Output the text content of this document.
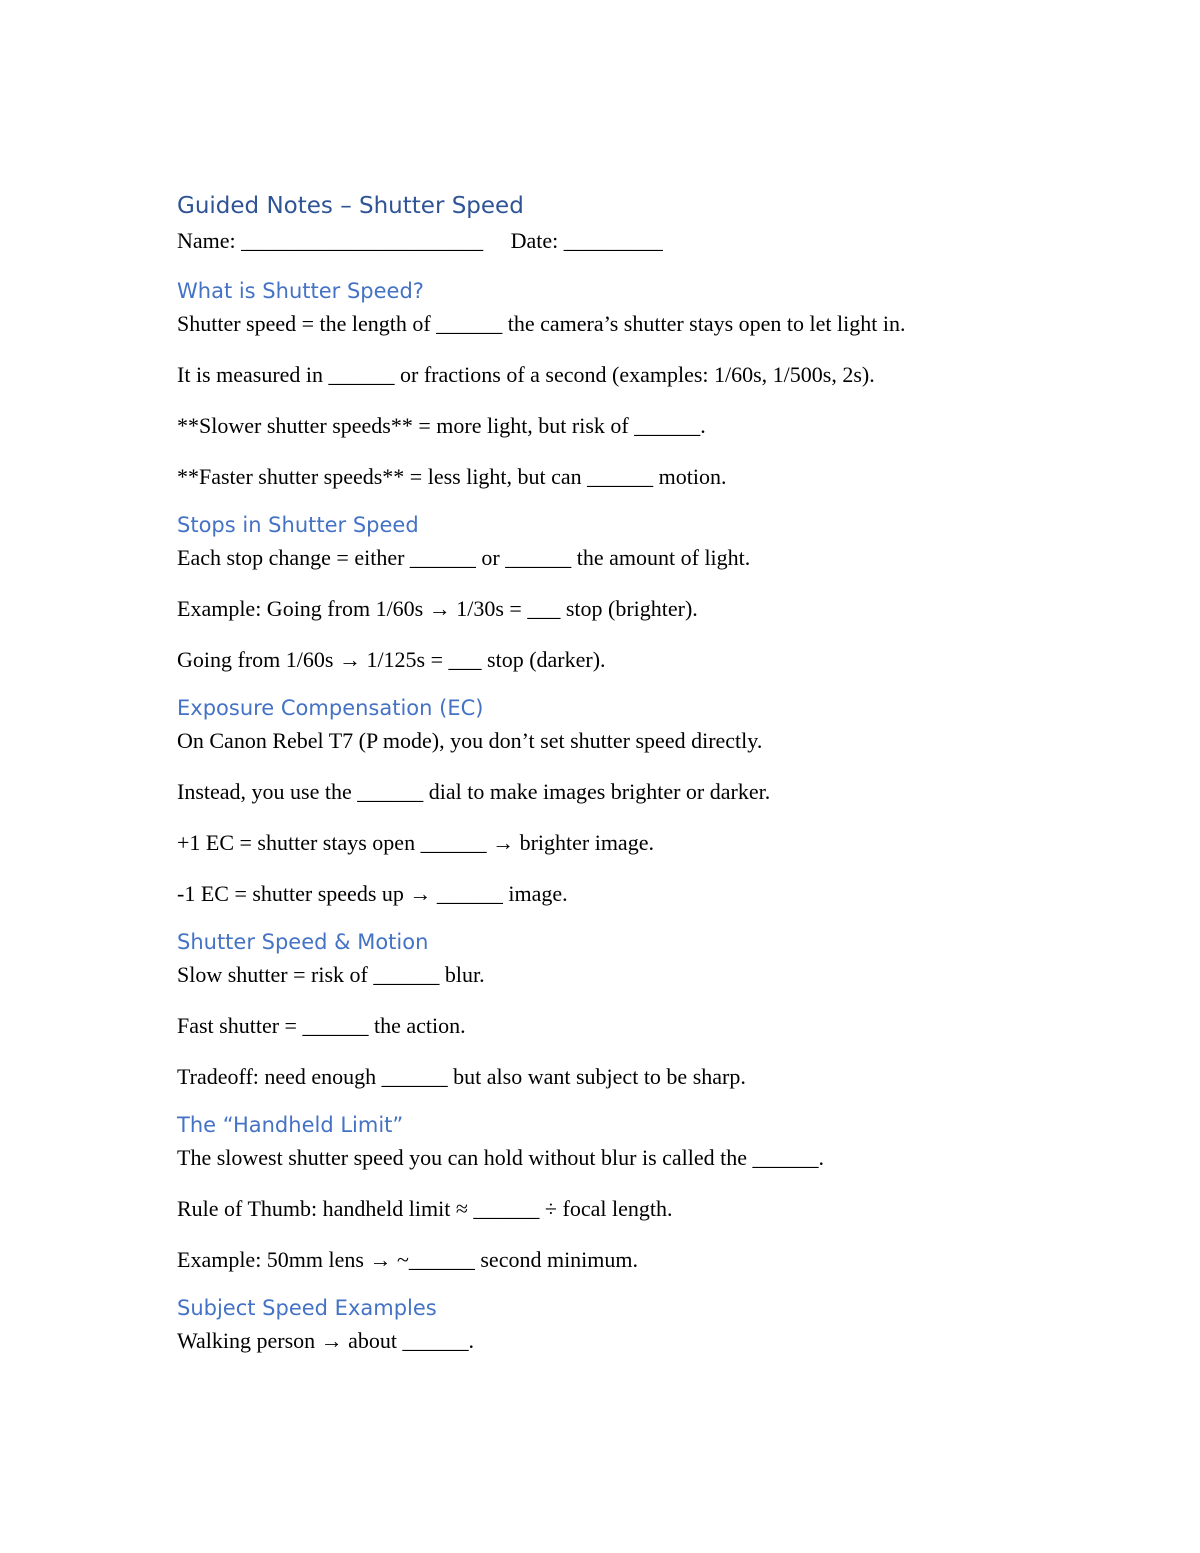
Guided Notes – Shutter Speed
Name: ______________________     Date: _________
What is Shutter Speed?
Shutter speed = the length of ______ the camera’s shutter stays open to let light in.
It is measured in ______ or fractions of a second (examples: 1/60s, 1/500s, 2s).
**Slower shutter speeds** = more light, but risk of ______.
**Faster shutter speeds** = less light, but can ______ motion.
Stops in Shutter Speed
Each stop change = either ______ or ______ the amount of light.
Example: Going from 1/60s → 1/30s = ___ stop (brighter).
Going from 1/60s → 1/125s = ___ stop (darker).
Exposure Compensation (EC)
On Canon Rebel T7 (P mode), you don’t set shutter speed directly.
Instead, you use the ______ dial to make images brighter or darker.
+1 EC = shutter stays open ______ → brighter image.
-1 EC = shutter speeds up → ______ image.
Shutter Speed & Motion
Slow shutter = risk of ______ blur.
Fast shutter = ______ the action.
Tradeoff: need enough ______ but also want subject to be sharp.
The “Handheld Limit”
The slowest shutter speed you can hold without blur is called the ______.
Rule of Thumb: handheld limit ≈ ______ ÷ focal length.
Example: 50mm lens → ~______ second minimum.
Subject Speed Examples
Walking person → about ______.
